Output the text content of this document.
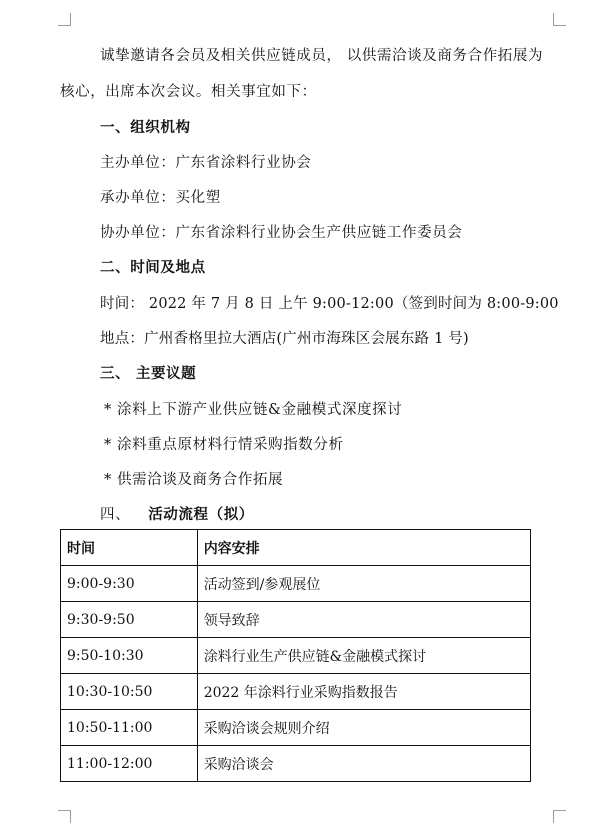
诚挚邀请各会员及相关供应链成员， 以供需洽谈及商务合作拓展为
核心，出席本次会议。相关事宜如下：
一、组织机构
主办单位：广东省涂料行业协会
承办单位：买化塑
协办单位：广东省涂料行业协会生产供应链工作委员会
二、时间及地点
时间： 2022 年 7 月 8 日 上午 9:00-12:00（签到时间为 8:00-9:00
地点：广州香格里拉大酒店(广州市海珠区会展东路 1 号)
三、 主要议题
* 涂料上下游产业供应链&金融模式深度探讨
* 涂料重点原材料行情采购指数分析
* 供需洽谈及商务合作拓展
四、 活动流程（拟）
时间	内容安排
9:00-9:30	活动签到/参观展位
9:30-9:50	领导致辞
9:50-10:30	涂料行业生产供应链&金融模式探讨
10:30-10:50	2022 年涂料行业采购指数报告
10:50-11:00	采购洽谈会规则介绍
11:00-12:00	采购洽谈会
